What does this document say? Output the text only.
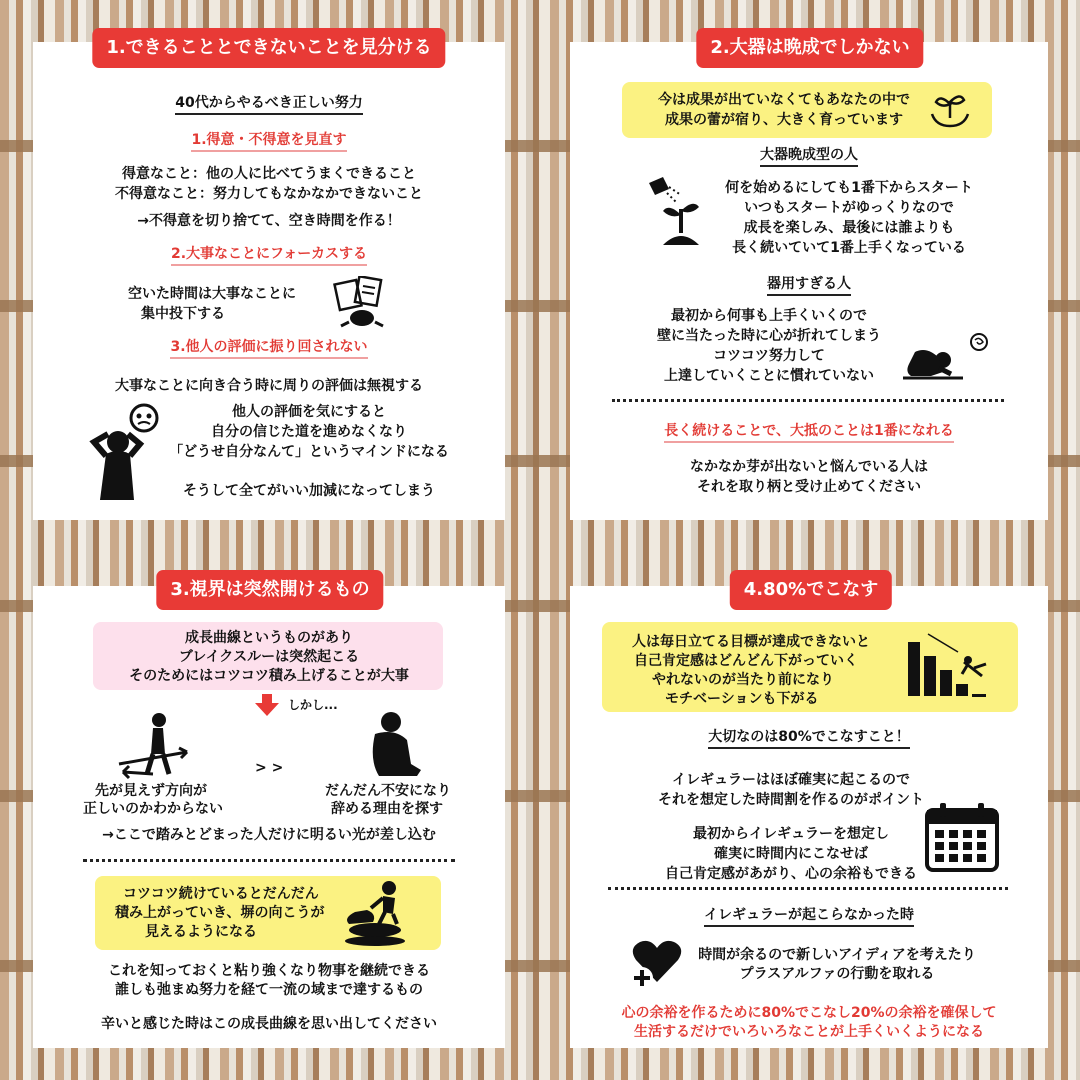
40代からやるべき正しい努力
1.得意・不得意を見直す
得意なこと：他の人に比べてうまくできること
不得意なこと：努力してもなかなかできないこと
→不得意を切り捨てて、空き時間を作る！
2.大事なことにフォーカスする
空いた時間は大事なことに
集中投下する
3.他人の評価に振り回されない
大事なことに向き合う時に周りの評価は無視する
他人の評価を気にすると
自分の信じた道を進めなくなり
「どうせ自分なんて」というマインドになる
そうして全てがいい加減になってしまう
1.できることとできないことを見分ける
今は成果が出ていなくてもあなたの中で
成果の蕾が宿り、大きく育っています
大器晩成型の人
何を始めるにしても1番下からスタート
いつもスタートがゆっくりなので
成長を楽しみ、最後には誰よりも
長く続いていて1番上手くなっている
器用すぎる人
最初から何事も上手くいくので
壁に当たった時に心が折れてしまう
コツコツ努力して
上達していくことに慣れていない
長く続けることで、大抵のことは1番になれる
なかなか芽が出ないと悩んでいる人は
それを取り柄と受け止めてください
2.大器は晩成でしかない
成長曲線というものがあり
ブレイクスルーは突然起こる
そのためにはコツコツ積み上げることが大事
しかし...
先が見えず方向が
正しいのかわからない
> >
だんだん不安になり
辞める理由を探す
→ここで踏みとどまった人だけに明るい光が差し込む
コツコツ続けているとだんだん
積み上がっていき、塀の向こうが
見えるようになる
これを知っておくと粘り強くなり物事を継続できる
誰しも弛まぬ努力を経て一流の域まで達するもの
辛いと感じた時はこの成長曲線を思い出してください
3.視界は突然開けるもの
人は毎日立てる目標が達成できないと
自己肯定感はどんどん下がっていく
やれないのが当たり前になり
モチベーションも下がる
大切なのは80%でこなすこと！
イレギュラーはほぼ確実に起こるので
それを想定した時間割を作るのがポイント
最初からイレギュラーを想定し
確実に時間内にこなせば
自己肯定感があがり、心の余裕もできる
イレギュラーが起こらなかった時
時間が余るので新しいアイディアを考えたり
プラスアルファの行動を取れる
心の余裕を作るために80%でこなし20%の余裕を確保して
生活するだけでいろいろなことが上手くいくようになる
4.80%でこなす
